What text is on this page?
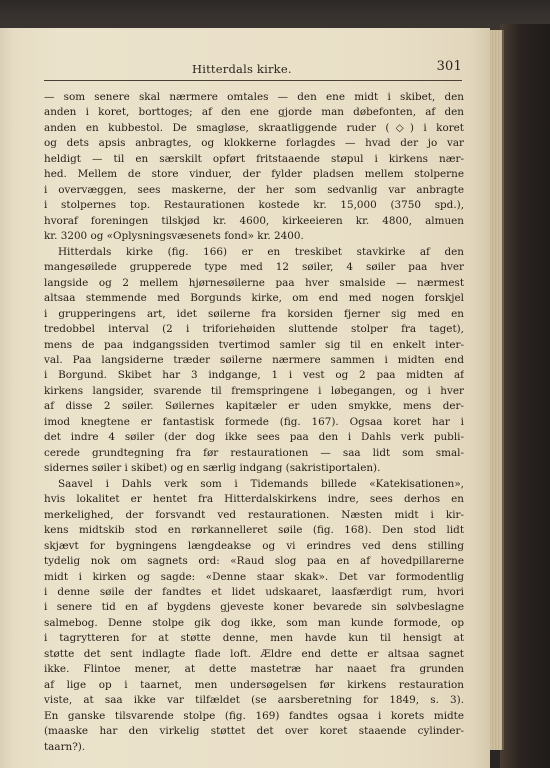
Hitterdals kirke.	301
— som senere skal nærmere omtales — den ene midt i skibet, den
anden i koret, borttoges; af den ene gjorde man døbefonten, af den
anden en kubbestol. De smagløse, skraatliggende ruder (◇) i koret
og dets apsis anbragtes, og klokkerne forlagdes — hvad der jo var
heldigt — til en særskilt opført fritstaaende støpul i kirkens nær-
hed. Mellem de store vinduer, der fylder pladsen mellem stolperne
i overvæggen, sees maskerne, der her som sedvanlig var anbragte
i stolpernes top. Restaurationen kostede kr. 15,000 (3750 spd.),
hvoraf foreningen tilskjød kr. 4600, kirkeeieren kr. 4800, almuen
kr. 3200 og «Oplysningsvæsenets fond» kr. 2400.
Hitterdals kirke (fig. 166) er en treskibet stavkirke af den
mangesøilede grupperede type med 12 søiler, 4 søiler paa hver
langside og 2 mellem hjørnesøilerne paa hver smalside — nærmest
altsaa stemmende med Borgunds kirke, om end med nogen forskjel
i grupperingens art, idet søilerne fra korsiden fjerner sig med en
tredobbel interval (2 i triforiehøiden sluttende stolper fra taget),
mens de paa indgangssiden tvertimod samler sig til en enkelt inter-
val. Paa langsiderne træder søilerne nærmere sammen i midten end
i Borgund. Skibet har 3 indgange, 1 i vest og 2 paa midten af
kirkens langsider, svarende til fremspringene i løbegangen, og i hver
af disse 2 søiler. Søilernes kapitæler er uden smykke, mens der-
imod knegtene er fantastisk formede (fig. 167). Ogsaa koret har i
det indre 4 søiler (der dog ikke sees paa den i Dahls verk publi-
cerede grundtegning fra før restaurationen — saa lidt som smal-
sidernes søiler i skibet) og en særlig indgang (sakristiportalen).
Saavel i Dahls verk som i Tidemands billede «Katekisationen»,
hvis lokalitet er hentet fra Hitterdalskirkens indre, sees derhos en
merkelighed, der forsvandt ved restaurationen. Næsten midt i kir-
kens midtskib stod en rørkannelleret søile (fig. 168). Den stod lidt
skjævt for bygningens længdeakse og vi erindres ved dens stilling
tydelig nok om sagnets ord: «Raud slog paa en af hovedpillarerne
midt i kirken og sagde: «Denne staar skak». Det var formodentlig
i denne søile der fandtes et lidet udskaaret, laasfærdigt rum, hvori
i senere tid en af bygdens gjeveste koner bevarede sin sølvbeslagne
salmebog. Denne stolpe gik dog ikke, som man kunde formode, op
i tagrytteren for at støtte denne, men havde kun til hensigt at
støtte det sent indlagte flade loft. Ældre end dette er altsaa sagnet
ikke. Flintoe mener, at dette mastetræ har naaet fra grunden
af lige op i taarnet, men undersøgelsen før kirkens restauration
viste, at saa ikke var tilfældet (se aarsberetning for 1849, s. 3).
En ganske tilsvarende stolpe (fig. 169) fandtes ogsaa i korets midte
(maaske har den virkelig støttet det over koret staaende cylinder-
taarn?).
